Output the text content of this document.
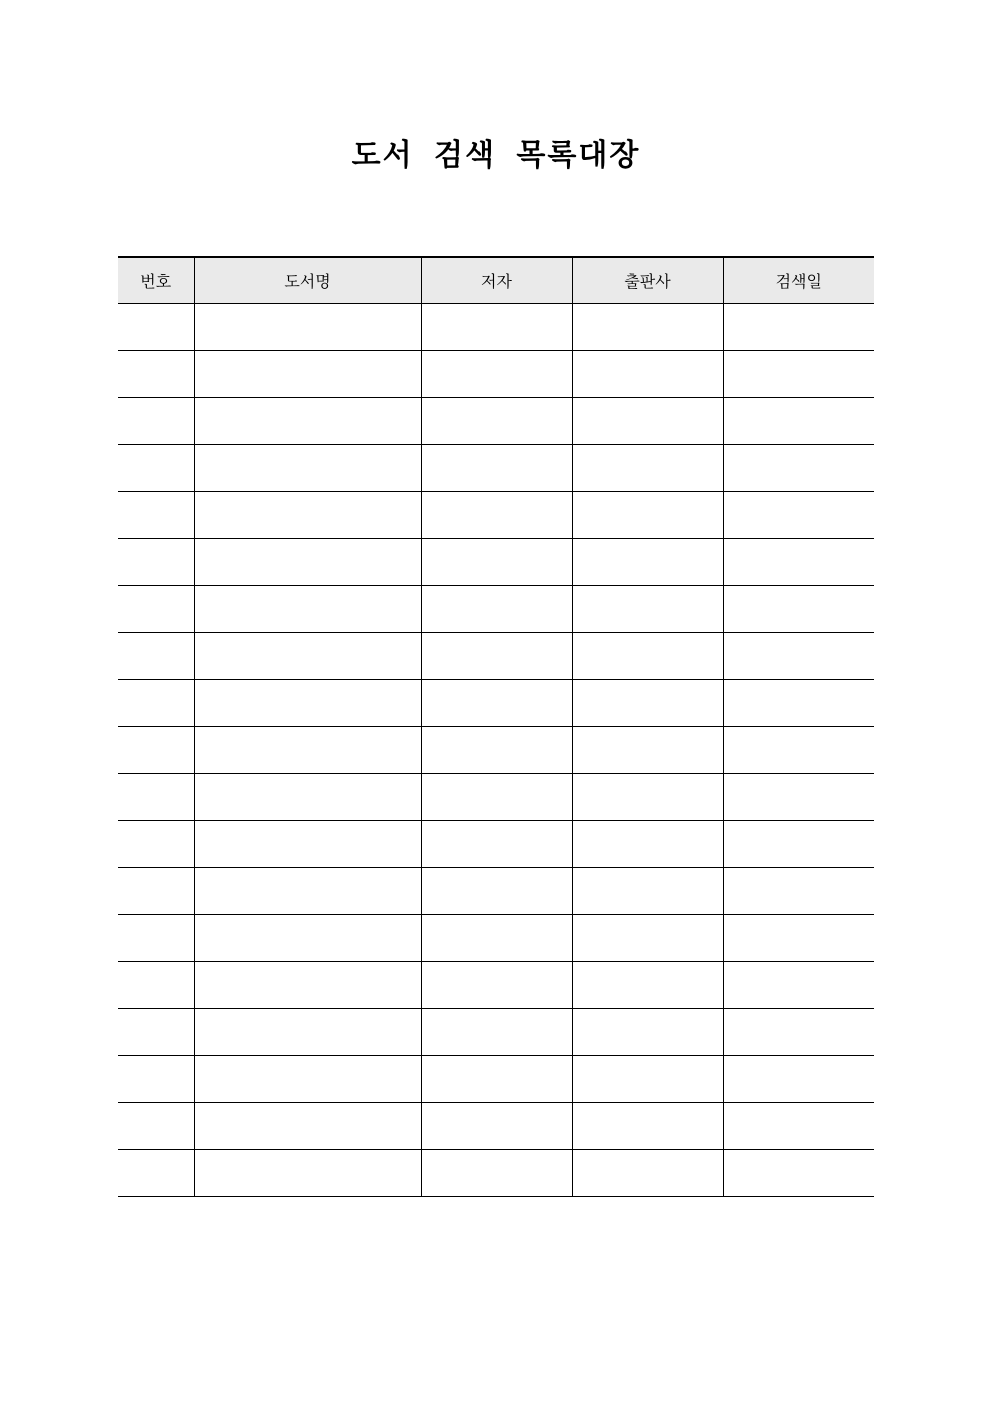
도서 검색 목록대장
번호	도서명	저자	출판사	검색일
